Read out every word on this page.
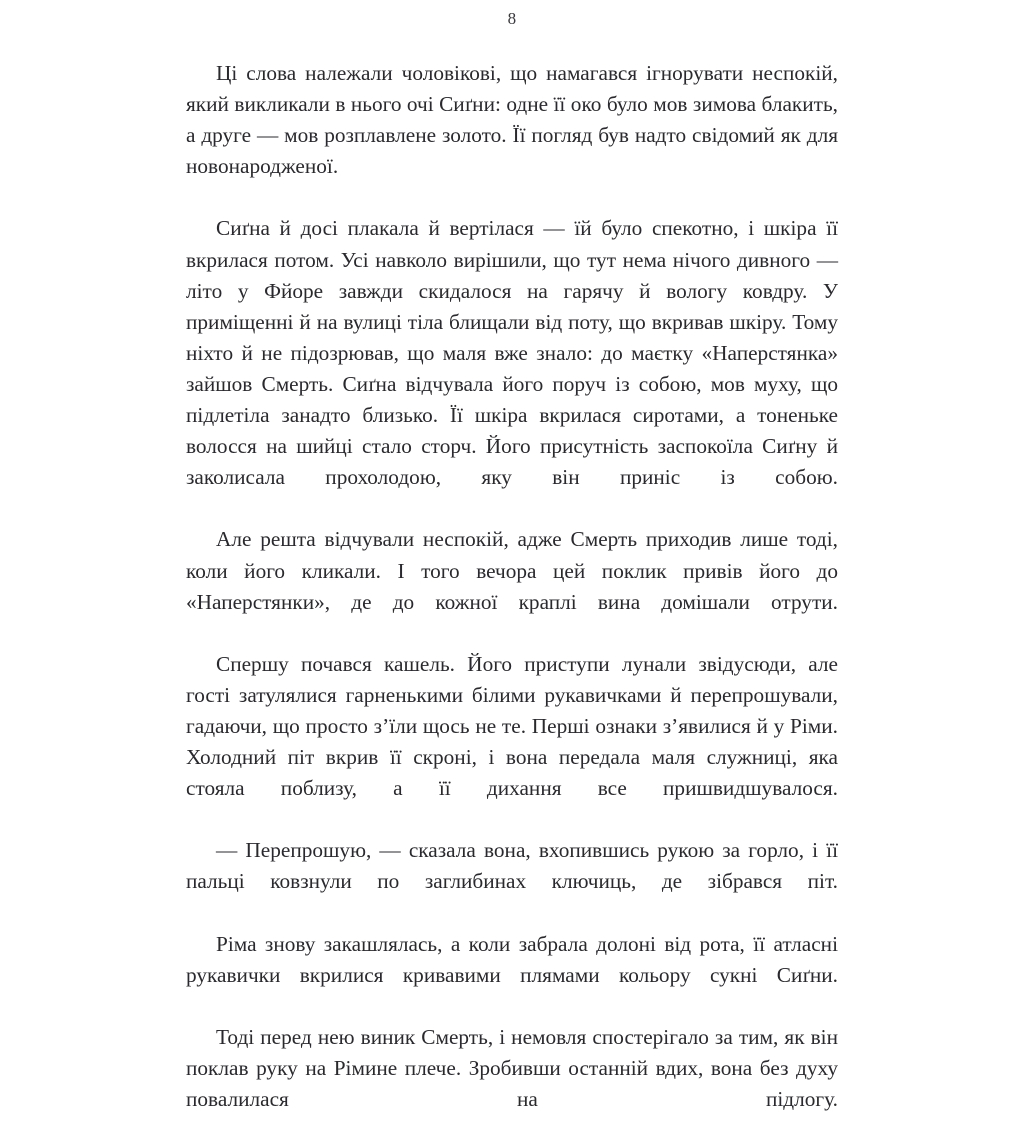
8

Ці слова належали чоловікові, що намагався ігнорувати неспокій, який викликали в нього очі Сиґни: одне її око було мов зимова блакить, а друге — мов розплавлене золото. Її погляд був надто свідомий як для новонародженої.

Сиґна й досі плакала й вертілася — їй було спекотно, і шкіра її вкрилася потом. Усі навколо вирішили, що тут нема нічого дивного — літо у Фйоре завжди скидалося на гарячу й вологу ковдру. У приміщенні й на вулиці тіла блищали від поту, що вкривав шкіру. Тому ніхто й не підозрював, що маля вже знало: до маєтку «Наперстянка» зайшов Смерть. Сиґна відчувала його поруч із собою, мов муху, що підлетіла занадто близько. Її шкіра вкрилася сиротами, а тоненьке волосся на шийці стало сторч. Його присутність заспокоїла Сиґну й заколисала прохолодою, яку він приніс із собою.

Але решта відчували неспокій, адже Смерть приходив лише тоді, коли його кликали. І того вечора цей поклик привів його до «Наперстянки», де до кожної краплі вина домішали отрути.

Спершу почався кашель. Його приступи лунали звідусюди, але гості затулялися гарненькими білими рукавичками й перепрошували, гадаючи, що просто з’їли щось не те. Перші ознаки з’явилися й у Ріми. Холодний піт вкрив її скроні, і вона передала маля служниці, яка стояла поблизу, а її дихання все пришвидшувалося.

— Перепрошую, — сказала вона, вхопившись рукою за горло, і її пальці ковзнули по заглибинах ключиць, де зібрався піт.

Ріма знову закашлялась, а коли забрала долоні від рота, її атласні рукавички вкрилися кривавими плямами кольору сукні Сиґни.

Тоді перед нею виник Смерть, і немовля спостерігало за тим, як він поклав руку на Рімине плече. Зробивши останній вдих, вона без духу повалилася на підлогу.
